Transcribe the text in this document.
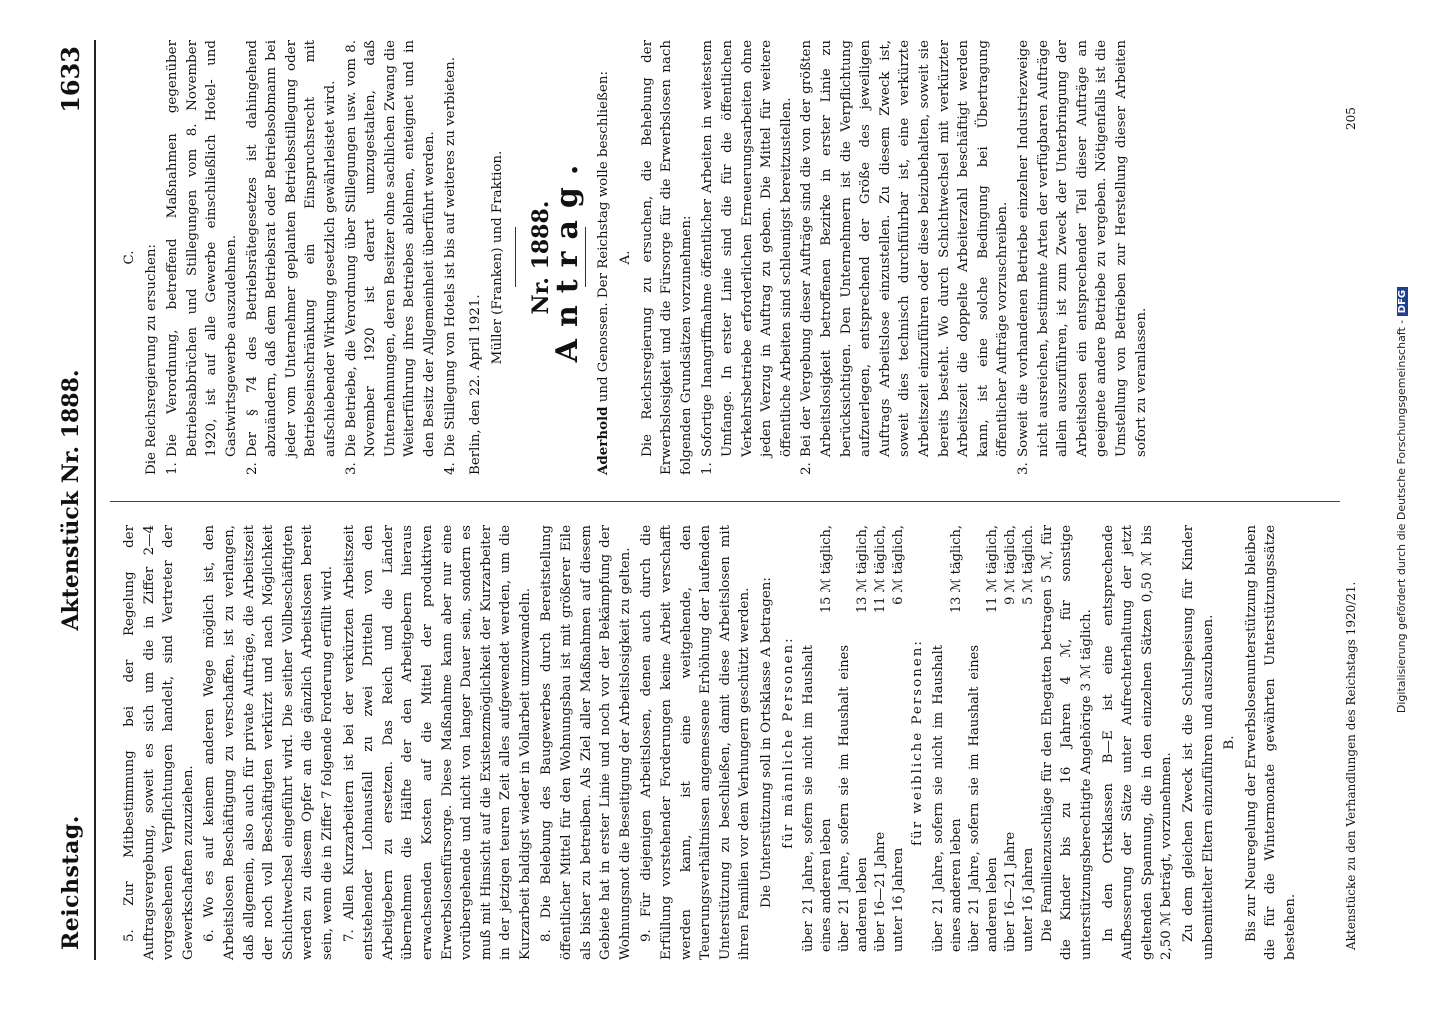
Reichstag.
Aktenstück Nr. 1888.
1633

5. Zur Mitbestimmung bei der Regelung der Auftragsvergebung, soweit es sich um die in Ziffer 2—4 vorgesehenen Verpflichtungen handelt, sind Vertreter der Gewerkschaften zuzuziehen. 6. Wo es auf keinem anderen Wege möglich ist, den Arbeitslosen Beschäftigung zu verschaffen, ist zu verlangen, daß allgemein, also auch für private Aufträge, die Arbeitszeit der noch voll Beschäftigten verkürzt und nach Möglichkeit Schichtwechsel eingeführt wird. Die seither Vollbeschäftigten werden zu diesem Opfer an die gänzlich Arbeitslosen bereit sein, wenn die in Ziffer 7 folgende Forderung erfüllt wird. 7. Allen Kurzarbeitern ist bei der verkürzten Arbeitszeit entstehender Lohnausfall zu zwei Dritteln von den Arbeitgebern zu ersetzen. Das Reich und die Länder übernehmen die Hälfte der den Arbeitgebern hieraus erwachsenden Kosten auf die Mittel der produktiven Erwerbslosenfürsorge. Diese Maßnahme kann aber nur eine vorübergehende und nicht von langer Dauer sein, sondern es muß mit Hinsicht auf die Existenzmöglichkeit der Kurzarbeiter in der jetzigen teuren Zeit alles aufgewendet werden, um die Kurzarbeit baldigst wieder in Vollarbeit umzuwandeln. 8. Die Belebung des Baugewerbes durch Bereitstellung öffentlicher Mittel für den Wohnungsbau ist mit größerer Eile als bisher zu betreiben. Als Ziel aller Maßnahmen auf diesem Gebiete hat in erster Linie und noch vor der Bekämpfung der Wohnungsnot die Beseitigung der Arbeitslosigkeit zu gelten. 9. Für diejenigen Arbeitslosen, denen auch durch die Erfüllung vorstehender Forderungen keine Arbeit verschafft werden kann, ist eine weitgehende, den Teuerungsverhältnissen angemessene Erhöhung der laufenden Unterstützung zu beschließen, damit diese Arbeitslosen mit ihren Familien vor dem Verhungern geschützt werden. Die Unterstützung soll in Ortsklasse A betragen: für männliche Personen: über 21 Jahre, sofern sie nicht im Haushalt eines anderen leben	15 ℳ täglich,
über 21 Jahre, sofern sie im Haushalt eines anderen leben	13 ℳ täglich,
über 16—21 Jahre	11 ℳ täglich,
unter 16 Jahren	6 ℳ täglich,

für weibliche Personen: über 21 Jahre, sofern sie nicht im Haushalt eines anderen leben	13 ℳ täglich,
über 21 Jahre, sofern sie im Haushalt eines anderen leben	11 ℳ täglich,
über 16—21 Jahre	9 ℳ täglich,
unter 16 Jahren	5 ℳ täglich. Die Familienzuschläge für den Ehegatten betragen 5 ℳ, für die Kinder bis zu 16 Jahren 4 ℳ, für sonstige unterstützungsberechtigte Angehörige 3 ℳ täglich. In den Ortsklassen B—E ist eine entsprechende Aufbesserung der Sätze unter Aufrechterhaltung der jetzt geltenden Spannung, die in den einzelnen Sätzen 0,50 ℳ bis 2,50 ℳ beträgt, vorzunehmen. Zu dem gleichen Zweck ist die Schulspeisung für Kinder unbemittelter Eltern einzuführen und auszubauen. B. Bis zur Neuregelung der Erwerbslosenunterstützung bleiben die für die Wintermonate gewährten Unterstützungssätze bestehen.

C. Die Reichsregierung zu ersuchen: 1.
Die Verordnung, betreffend Maßnahmen gegenüber Betriebsabbrüchen und Stillegungen vom 8. November 1920, ist auf alle Gewerbe einschließlich Hotel- und Gastwirtsgewerbe auszudehnen.

2.
Der § 74 des Betriebsrätegesetzes ist dahingehend abzuändern, daß dem Betriebsrat oder Betriebsobmann bei jeder vom Unternehmer geplanten Betriebsstillegung oder Betriebseinschränkung ein Einspruchsrecht mit aufschiebender Wirkung gesetzlich gewährleistet wird.

3.
Die Betriebe, die Verordnung über Stillegungen usw. vom 8. November 1920 ist derart umzugestalten, daß Unternehmungen, deren Besitzer ohne sachlichen Zwang die Weiterführung ihres Betriebes ablehnen, enteignet und in den Besitz der Allgemeinheit überführt werden.

4.
Die Stillegung von Hotels ist bis auf weiteres zu verbieten. Berlin, den 22. April 1921.

Müller (Franken) und Fraktion. Nr. 1888.
Antrag.

Aderhold und Genossen. Der Reichstag wolle beschließen: A. Die Reichsregierung zu ersuchen, die Behebung der Erwerbslosigkeit und die Fürsorge für die Erwerbslosen nach folgenden Grundsätzen vorzunehmen: 1.
Sofortige Inangriffnahme öffentlicher Arbeiten in weitestem Umfange. In erster Linie sind die für die öffentlichen Verkehrsbetriebe erforderlichen Erneuerungsarbeiten ohne jeden Verzug in Auftrag zu geben. Die Mittel für weitere öffentliche Arbeiten sind schleunigst bereitzustellen.

2.
Bei der Vergebung dieser Aufträge sind die von der größten Arbeitslosigkeit betroffenen Bezirke in erster Linie zu berücksichtigen. Den Unternehmern ist die Verpflichtung aufzuerlegen, entsprechend der Größe des jeweiligen Auftrags Arbeitslose einzustellen. Zu diesem Zweck ist, soweit dies technisch durchführbar ist, eine verkürzte Arbeitszeit einzuführen oder diese beizubehalten, soweit sie bereits besteht. Wo durch Schichtwechsel mit verkürzter Arbeitszeit die doppelte Arbeiterzahl beschäftigt werden kann, ist eine solche Bedingung bei Übertragung öffentlicher Aufträge vorzuschreiben.

3.
Soweit die vorhandenen Betriebe einzelner Industriezweige nicht ausreichen, bestimmte Arten der verfügbaren Aufträge allein auszuführen, ist zum Zweck der Unterbringung der Arbeitslosen ein entsprechender Teil dieser Aufträge an geeignete andere Betriebe zu vergeben. Nötigenfalls ist die Umstellung von Betrieben zur Herstellung dieser Arbeiten sofort zu veranlassen.

Aktenstücke zu den Verhandlungen des Reichstags 1920/21.
205
Digitalisierung gefördert durch die Deutsche Forschungsgemeinschaft - DFG
